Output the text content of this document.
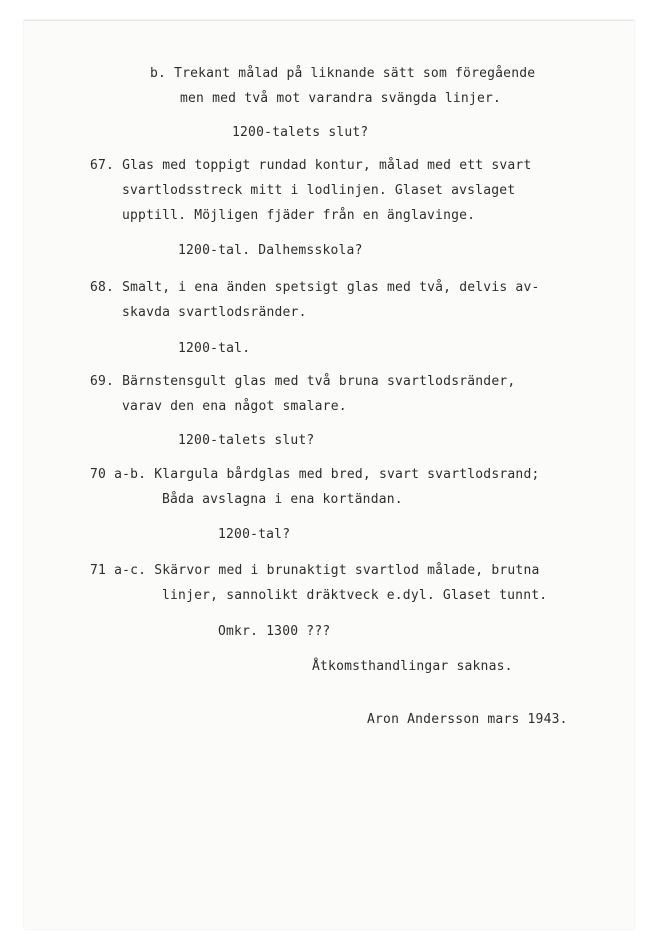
b. Trekant målad på liknande sätt som föregående
men med två mot varandra svängda linjer.
1200-talets slut?
67. Glas med toppigt rundad kontur, målad med ett svart
svartlodsstreck mitt i lodlinjen. Glaset avslaget
upptill. Möjligen fjäder från en änglavinge.
1200-tal. Dalhemsskola?
68. Smalt, i ena änden spetsigt glas med två, delvis av-
skavda svartlodsränder.
1200-tal.
69. Bärnstensgult glas med två bruna svartlodsränder,
varav den ena något smalare.
1200-talets slut?
70 a-b. Klargula bårdglas med bred, svart svartlodsrand;
Båda avslagna i ena kortändan.
1200-tal?
71 a-c. Skärvor med i brunaktigt svartlod målade, brutna
linjer, sannolikt dräktveck e.dyl. Glaset tunnt.
Omkr. 1300 ???
Åtkomsthandlingar saknas.
Aron Andersson mars 1943.
